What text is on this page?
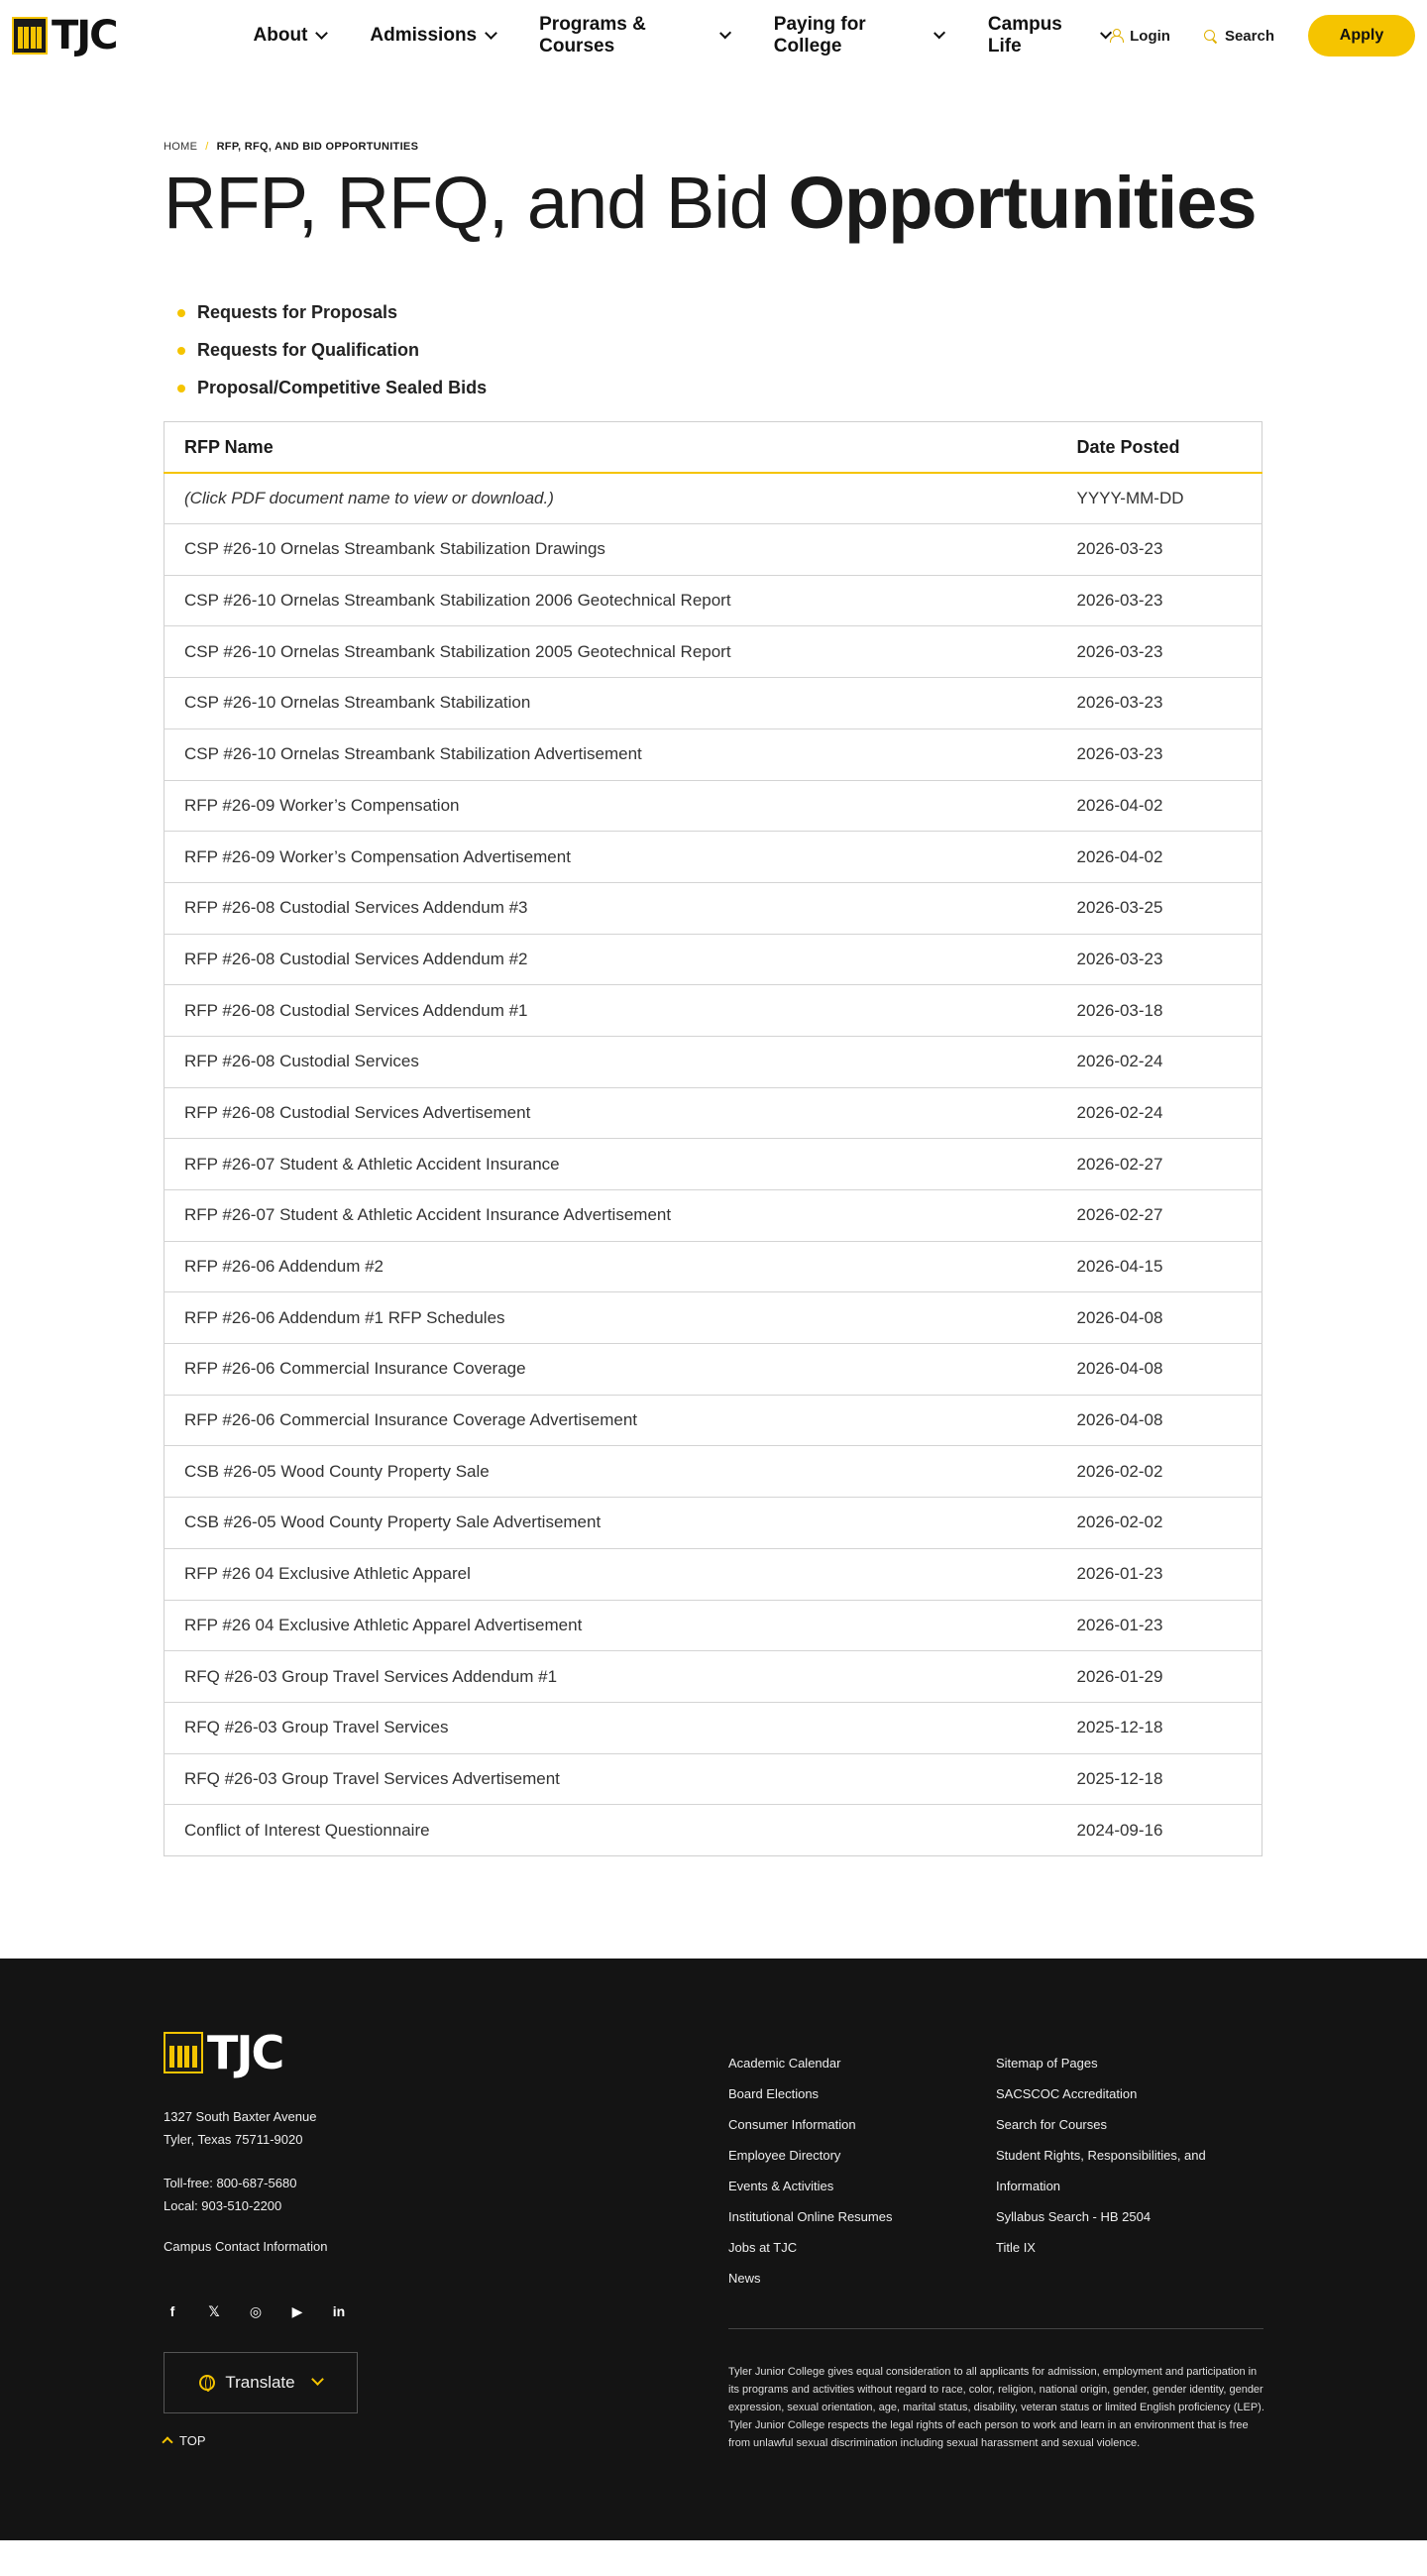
TJC	About	Admissions
Programs & Courses
Paying for College
Campus Life	Login	Search	Apply
HOME / RFP, RFQ, AND BID OPPORTUNITIES
RFP, RFQ, and Bid Opportunities
Requests for Proposals
Requests for Qualification
Proposal/Competitive Sealed Bids
RFP Name	Date Posted
(Click PDF document name to view or download.)	YYYY-MM-DD
CSP #26-10 Ornelas Streambank Stabilization Drawings	2026-03-23
CSP #26-10 Ornelas Streambank Stabilization 2006 Geotechnical Report	2026-03-23
CSP #26-10 Ornelas Streambank Stabilization 2005 Geotechnical Report	2026-03-23
CSP #26-10 Ornelas Streambank Stabilization	2026-03-23
CSP #26-10 Ornelas Streambank Stabilization Advertisement	2026-03-23
RFP #26-09 Worker’s Compensation	2026-04-02
RFP #26-09 Worker’s Compensation Advertisement	2026-04-02
RFP #26-08 Custodial Services Addendum #3	2026-03-25
RFP #26-08 Custodial Services Addendum #2	2026-03-23
RFP #26-08 Custodial Services Addendum #1	2026-03-18
RFP #26-08 Custodial Services	2026-02-24
RFP #26-08 Custodial Services Advertisement	2026-02-24
RFP #26-07 Student & Athletic Accident Insurance	2026-02-27
RFP #26-07 Student & Athletic Accident Insurance Advertisement	2026-02-27
RFP #26-06 Addendum #2	2026-04-15
RFP #26-06 Addendum #1 RFP Schedules	2026-04-08
RFP #26-06 Commercial Insurance Coverage	2026-04-08
RFP #26-06 Commercial Insurance Coverage Advertisement	2026-04-08
CSB #26-05 Wood County Property Sale	2026-02-02
CSB #26-05 Wood County Property Sale Advertisement	2026-02-02
RFP #26 04 Exclusive Athletic Apparel	2026-01-23
RFP #26 04 Exclusive Athletic Apparel Advertisement	2026-01-23
RFQ #26-03 Group Travel Services Addendum #1	2026-01-29
RFQ #26-03 Group Travel Services	2025-12-18
RFQ #26-03 Group Travel Services Advertisement	2025-12-18
Conflict of Interest Questionnaire	2024-09-16
TJC
1327 South Baxter Avenue
Tyler, Texas 75711-9020
Toll-free: 800-687-5680
Local: 903-510-2200
Campus Contact Information
f	𝕏 ◎ ▶ in
Translate
TOP
Academic Calendar
Board Elections
Consumer Information
Employee Directory
Events & Activities
Institutional Online Resumes
Jobs at TJC
News
Sitemap of Pages
SACSCOC Accreditation
Search for Courses
Student Rights, Responsibilities, and Information
Syllabus Search - HB 2504
Title IX

Tyler Junior College gives equal consideration to all applicants for admission, employment and participation in its programs and activities without regard to race, color, religion, national origin, gender, gender identity, gender expression, sexual orientation, age, marital status, disability, veteran status or limited English proficiency (LEP). Tyler Junior College respects the legal rights of each person to work and learn in an environment that is free from unlawful sexual discrimination including sexual harassment and sexual violence.
